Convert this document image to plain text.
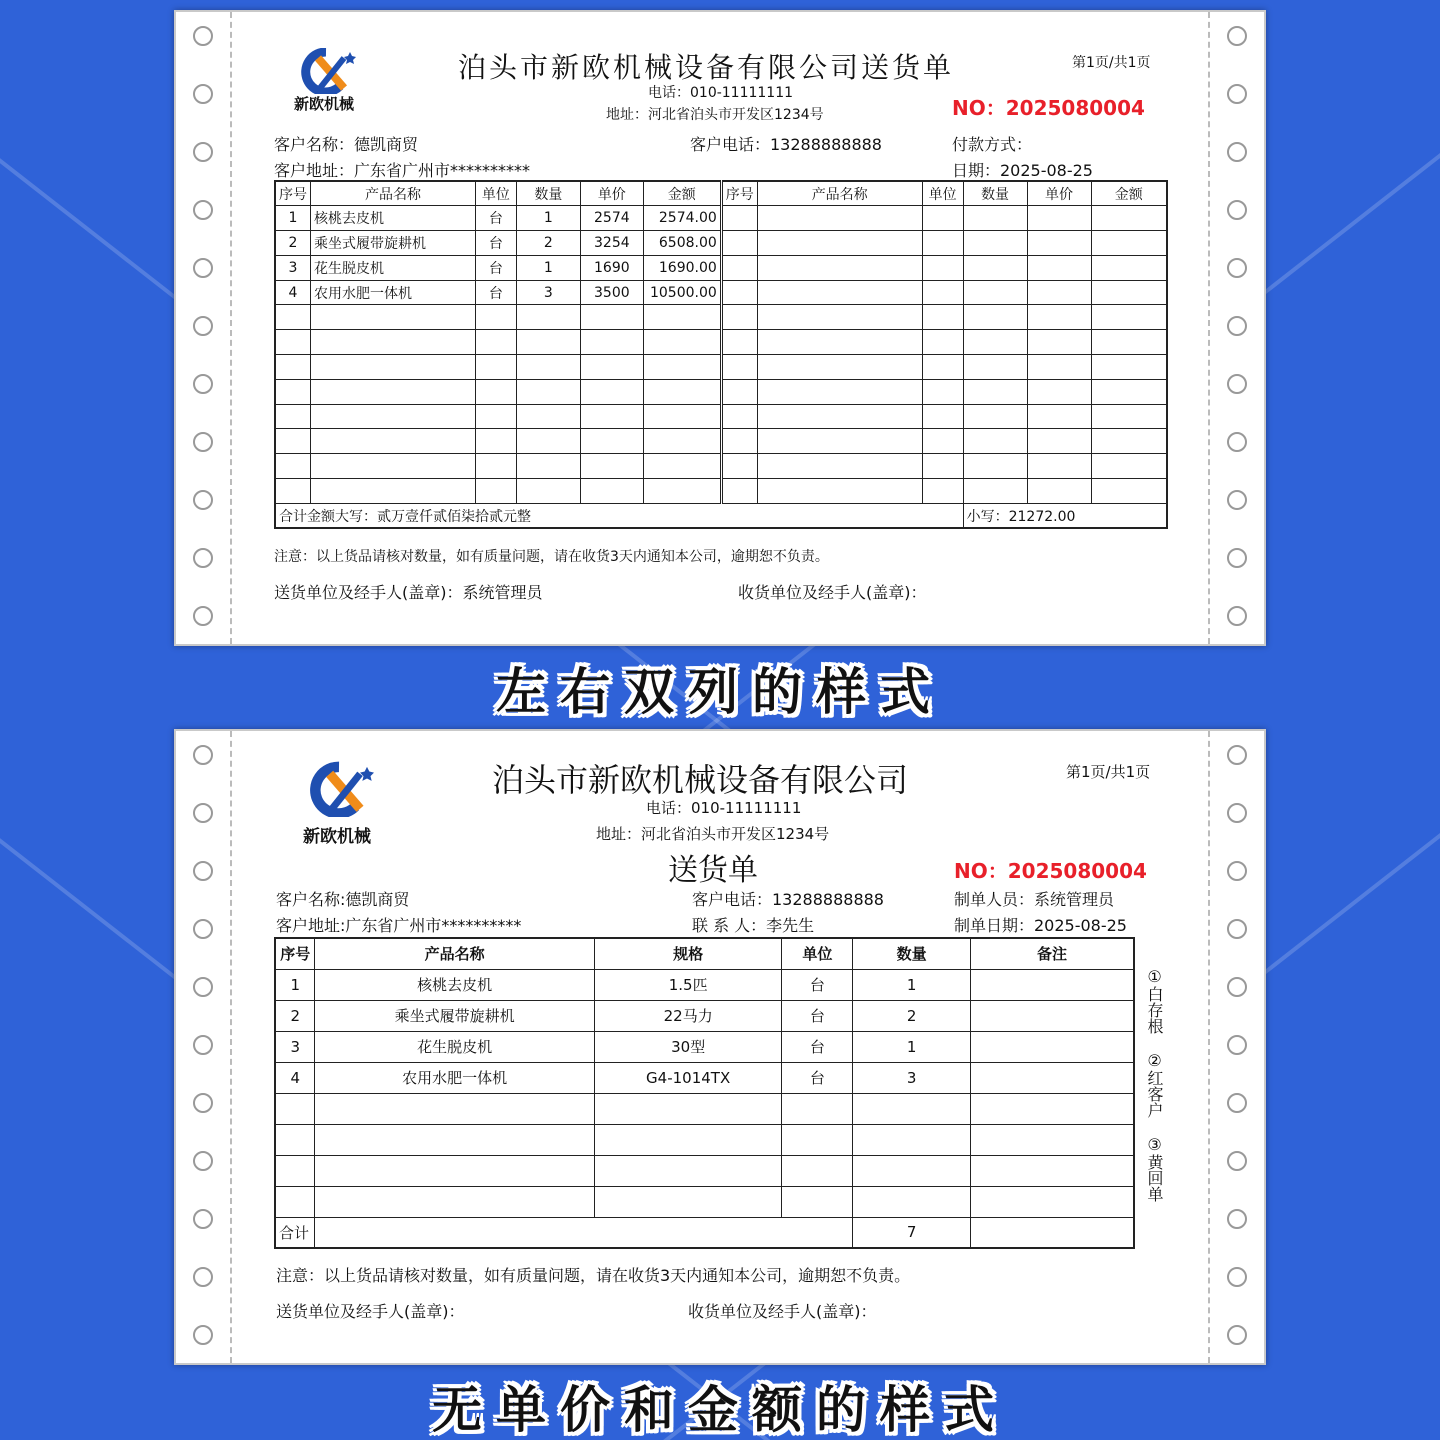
新欧机械
泊头市新欧机械设备有限公司送货单	第1页/共1页
电话：010-11111111
地址：河北省泊头市开发区1234号	NO：2025080004
客户名称：德凯商贸	客户电话：13288888888	付款方式：
客户地址：广东省广州市**********	日期：2025-08-25
序号	产品名称	单位	数量	单价	金额	序号	产品名称	单位	数量	单价	金额
1	核桃去皮机	台	1	2574	2574.00						
2	乘坐式履带旋耕机	台	2	3254	6508.00						
3	花生脱皮机	台	1	1690	1690.00						
4	农用水肥一体机	台	3	3500	10500.00						

合计金额大写：贰万壹仟贰佰柒拾贰元整									小写：21272.00		
注意：以上货品请核对数量，如有质量问题，请在收货3天内通知本公司，逾期恕不负责。
送货单位及经手人(盖章)：系统管理员	收货单位及经手人(盖章)：
左右双列的样式
新欧机械
泊头市新欧机械设备有限公司	第1页/共1页
电话：010-11111111
地址：河北省泊头市开发区1234号
送货单	NO：2025080004
客户名称:德凯商贸	客户电话：13288888888	制单人员：系统管理员
客户地址:广东省广州市**********	联 系 人：李先生	制单日期：2025-08-25
序号	产品名称	规格	单位	数量	备注
1	核桃去皮机	1.5匹	台	1	
2	乘坐式履带旋耕机	22马力	台	2	
3	花生脱皮机	30型	台	1	
4	农用水肥一体机	G4-1014TX	台	3	

合计				7	
①白存根
②红客户
③黄回单
注意：以上货品请核对数量，如有质量问题，请在收货3天内通知本公司，逾期恕不负责。
送货单位及经手人(盖章)：	收货单位及经手人(盖章)：
无单价和金额的样式
